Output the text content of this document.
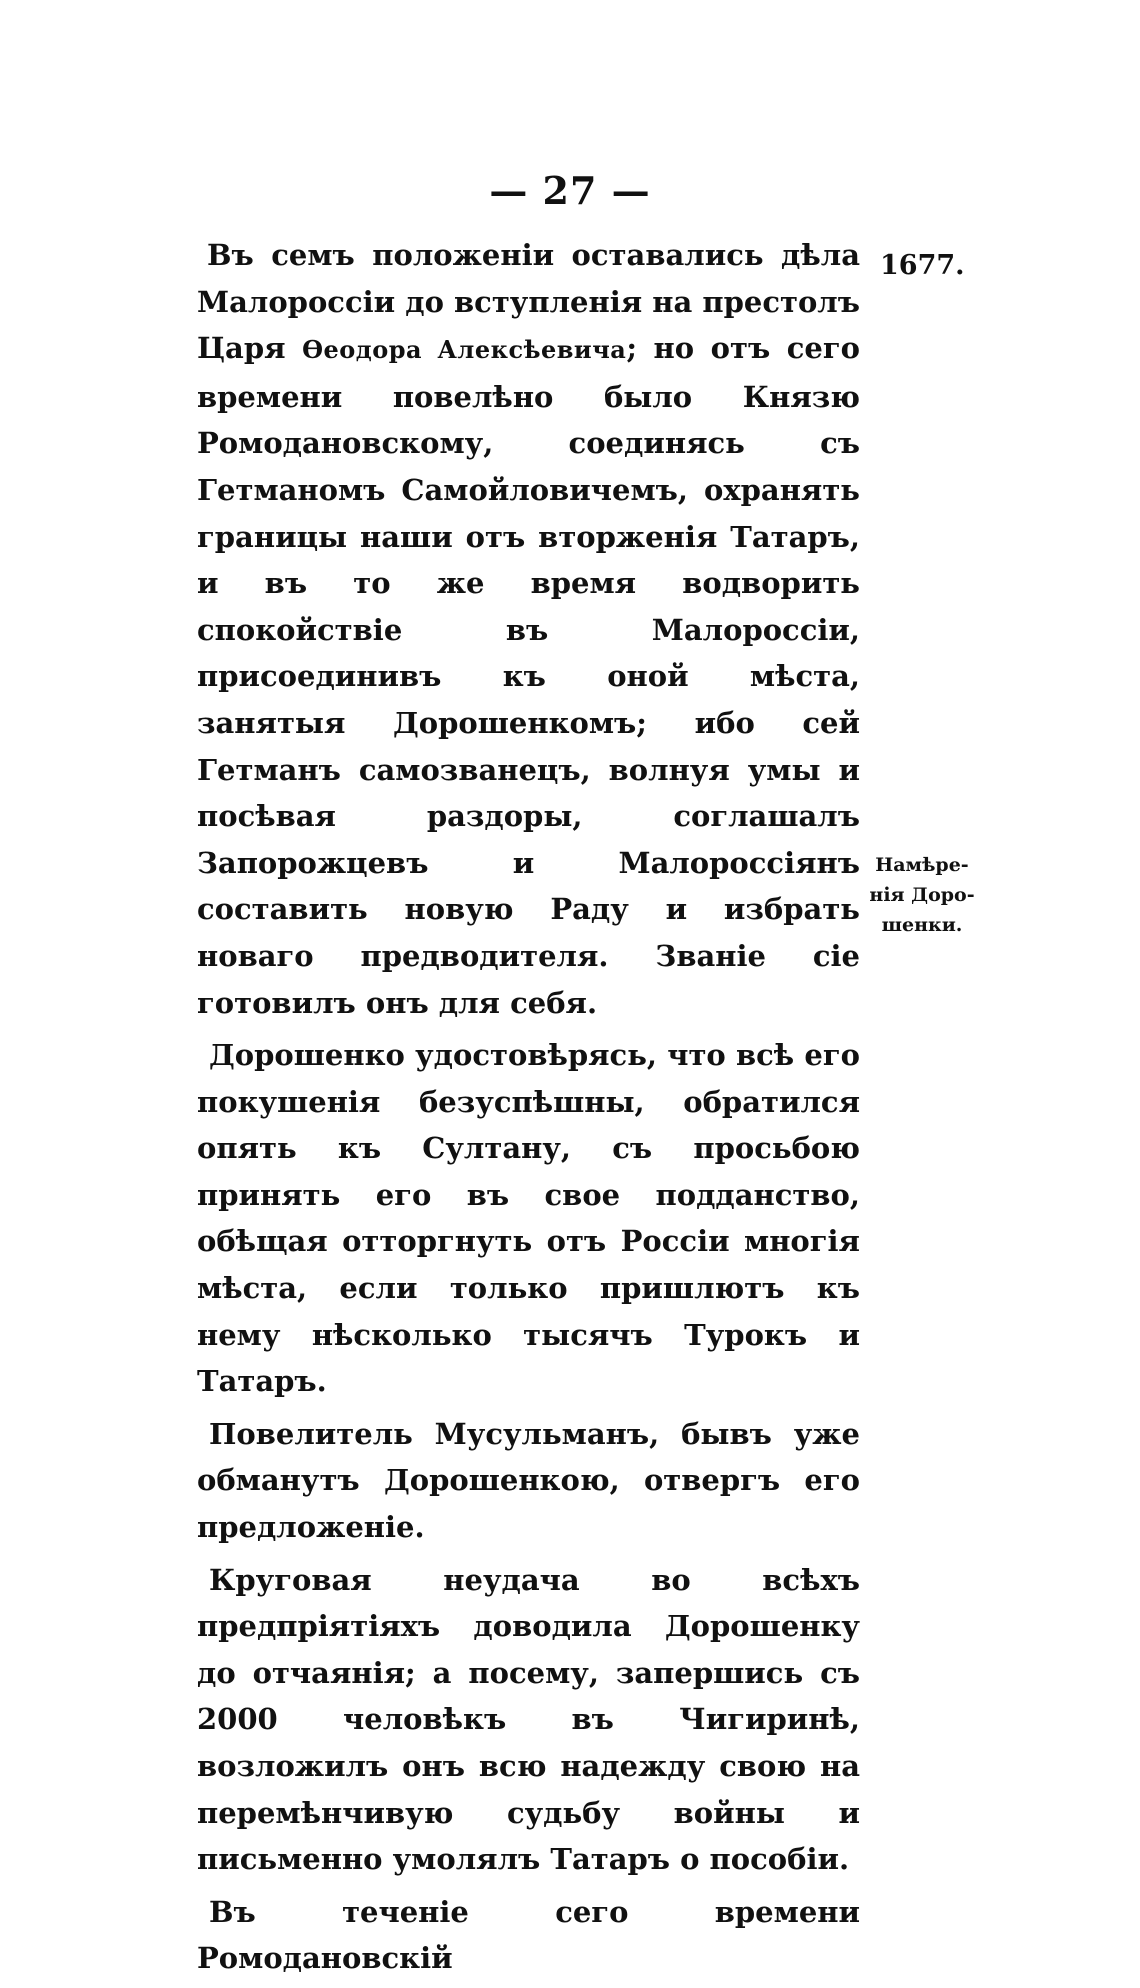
— 27 —
1677.
Намѣре-
нія Доро-
шенки.

Въ семъ положеніи оставались дѣла Малороссіи до вступленія на престолъ Царя Ѳеодора Алексѣевича; но отъ сего времени повелѣно было Князю Ромодановскому, соединясь съ Гетманомъ Самойловичемъ, охранять границы наши отъ вторженія Татаръ, и въ то же время водворить спокойствіе въ Малороссіи, присоединивъ къ оной мѣста, занятыя Дорошенкомъ; ибо сей Гетманъ самозванецъ, волнуя умы и посѣвая раздоры, соглашалъ Запорожцевъ и Малороссіянъ составить новую Раду и избрать новаго предводителя. Званіе сіе готовилъ онъ для себя.

Дорошенко удостовѣрясь, что всѣ его покушенія безуспѣшны, обратился опять къ Султану, съ просьбою принять его въ свое подданство, обѣщая отторгнуть отъ Россіи многія мѣста, если только пришлютъ къ нему нѣсколько тысячъ Турокъ и Татаръ.

Повелитель Мусульманъ, бывъ уже обманутъ Дорошенкою, отвергъ его предложеніе.

Круговая неудача во всѣхъ предпріятіяхъ доводила Дорошенку до отчаянія; а посему, запершись съ 2000 человѣкъ въ Чигиринѣ, возложилъ онъ всю надежду свою на перемѣнчивую судьбу войны и письменно умолялъ Татаръ о пособіи.

Въ теченіе сего времени Ромодановскій
